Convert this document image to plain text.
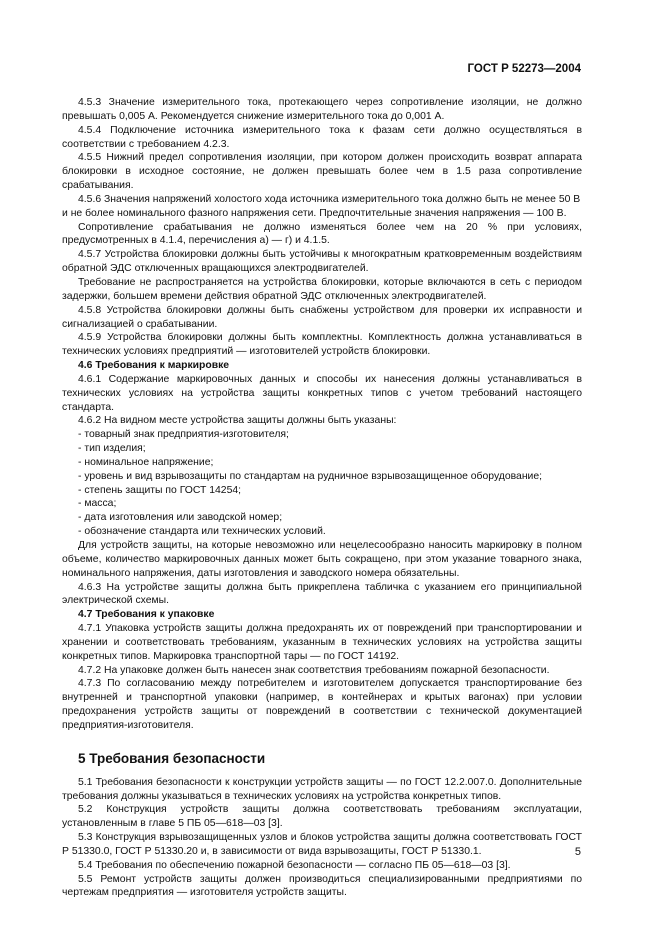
ГОСТ Р 52273—2004

4.5.3 Значение измерительного тока, протекающего через сопротивление изоляции, не должно превышать 0,005 А. Рекомендуется снижение измерительного тока до 0,001 А.

4.5.4 Подключение источника измерительного тока к фазам сети должно осуществляться в соответствии с требованием 4.2.3.

4.5.5 Нижний предел сопротивления изоляции, при котором должен происходить возврат аппарата блокировки в исходное состояние, не должен превышать более чем в 1.5 раза сопротивление срабатывания.

4.5.6 Значения напряжений холостого хода источника измерительного тока должно быть не менее 50 В и не более номинального фазного напряжения сети. Предпочтительные значения напряжения — 100 В.

Сопротивление срабатывания не должно изменяться более чем на 20 % при условиях, предусмотренных в 4.1.4, перечисления а) — г) и 4.1.5.

4.5.7 Устройства блокировки должны быть устойчивы к многократным кратковременным воздействиям обратной ЭДС отключенных вращающихся электродвигателей.

Требование не распространяется на устройства блокировки, которые включаются в сеть с периодом задержки, большем времени действия обратной ЭДС отключенных электродвигателей.

4.5.8 Устройства блокировки должны быть снабжены устройством для проверки их исправности и сигнализацией о срабатывании.

4.5.9 Устройства блокировки должны быть комплектны. Комплектность должна устанавливаться в технических условиях предприятий — изготовителей устройств блокировки.

4.6 Требования к маркировке

4.6.1 Содержание маркировочных данных и способы их нанесения должны устанавливаться в технических условиях на устройства защиты конкретных типов с учетом требований настоящего стандарта.

4.6.2 На видном месте устройства защиты должны быть указаны:

- товарный знак предприятия-изготовителя;

- тип изделия;

- номинальное напряжение;

- уровень и вид взрывозащиты по стандартам на рудничное взрывозащищенное оборудование;

- степень защиты по ГОСТ 14254;

- масса;

- дата изготовления или заводской номер;

- обозначение стандарта или технических условий.

Для устройств защиты, на которые невозможно или нецелесообразно наносить маркировку в полном объеме, количество маркировочных данных может быть сокращено, при этом указание товарного знака, номинального напряжения, даты изготовления и заводского номера обязательны.

4.6.3 На устройстве защиты должна быть прикреплена табличка с указанием его принципиальной электрической схемы.

4.7 Требования к упаковке

4.7.1 Упаковка устройств защиты должна предохранять их от повреждений при транспортировании и хранении и соответствовать требованиям, указанным в технических условиях на устройства защиты конкретных типов. Маркировка транспортной тары — по ГОСТ 14192.

4.7.2 На упаковке должен быть нанесен знак соответствия требованиям пожарной безопасности.

4.7.3 По согласованию между потребителем и изготовителем допускается транспортирование без внутренней и транспортной упаковки (например, в контейнерах и крытых вагонах) при условии предохранения устройств защиты от повреждений в соответствии с технической документацией предприятия-изготовителя.

5 Требования безопасности

5.1 Требования безопасности к конструкции устройств защиты — по ГОСТ 12.2.007.0. Дополнительные требования должны указываться в технических условиях на устройства конкретных типов.

5.2 Конструкция устройств защиты должна соответствовать требованиям эксплуатации, установленным в главе 5 ПБ 05—618—03 [3].

5.3 Конструкция взрывозащищенных узлов и блоков устройства защиты должна соответствовать ГОСТ Р 51330.0, ГОСТ Р 51330.20 и, в зависимости от вида взрывозащиты, ГОСТ Р 51330.1.

5.4 Требования по обеспечению пожарной безопасности — согласно ПБ 05—618—03 [3].

5.5 Ремонт устройств защиты должен производиться специализированными предприятиями по чертежам предприятия — изготовителя устройств защиты.

5
